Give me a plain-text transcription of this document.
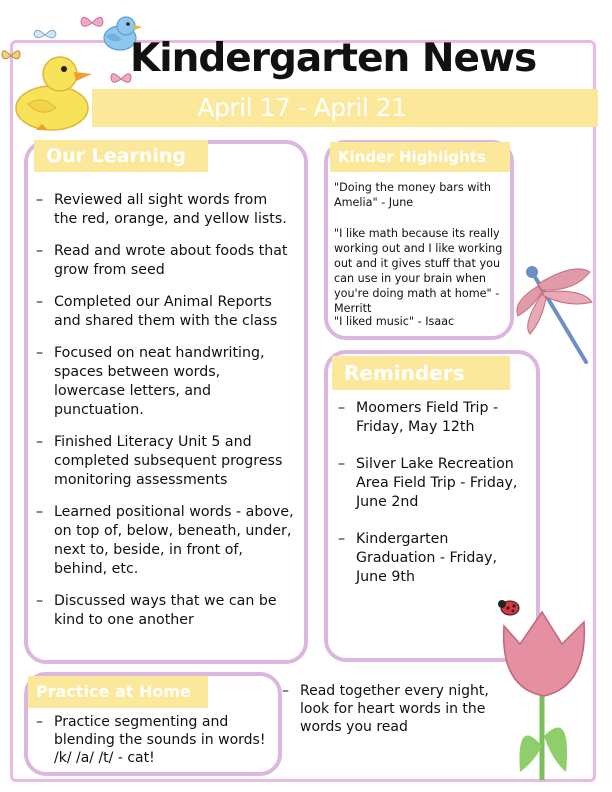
Kindergarten News
April 17 - April 21
Our Learning
– Reviewed all sight words from the red, orange, and yellow lists.
– Read and wrote about foods that grow from seed
– Completed our Animal Reports and shared them with the class
– Focused on neat handwriting, spaces between words, lowercase letters, and punctuation.
– Finished Literacy Unit 5 and completed subsequent progress monitoring assessments
– Learned positional words - above, on top of, below, beneath, under, next to, beside, in front of, behind, etc.
– Discussed ways that we can be kind to one another
Kinder Highlights

"Doing the money bars with Amelia" - June

"I like math because its really working out and I like working out and it gives stuff that you can use in your brain when you're doing math at home" - Merritt

"I liked music" - Isaac

Reminders
– Moomers Field Trip - Friday, May 12th
– Silver Lake Recreation Area Field Trip - Friday, June 2nd
– Kindergarten Graduation - Friday, June 9th
Practice at Home
– Practice segmenting and blending the sounds in words! /k/ /a/ /t/ - cat!
– Read together every night, look for heart words in the words you read
